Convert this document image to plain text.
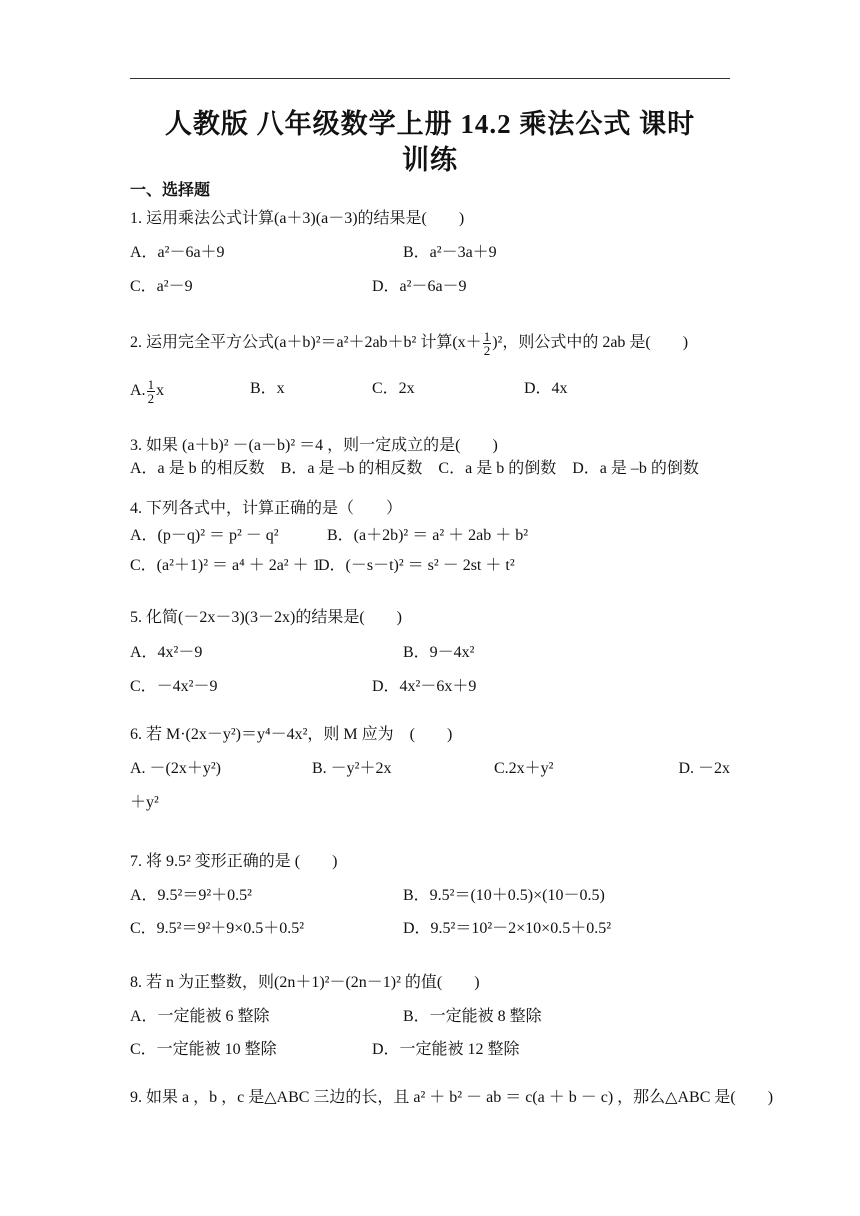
人教版 八年级数学上册 14.2 乘法公式 课时
训练
一、选择题
1. 运用乘法公式计算(a＋3)(a－3)的结果是(　　)
A．a²－6a＋9	B．a²－3a＋9
C．a²－9	D．a²－6a－9
2. 运用完全平方公式(a＋b)²＝a²＋2ab＋b² 计算$(x+ \frac{1}{2} )^2$，则公式中的 2ab 是(　　)
A. $\frac{1}{2}$ x	B．x	C．2x	D．4x
3. 如果 (a＋b)² －(a－b)² ＝4 ，则一定成立的是(　　)
A．a 是 b 的相反数　B．a 是 –b 的相反数　C．a 是 b 的倒数　D．a 是 –b 的倒数
4. 下列各式中，计算正确的是（　　）
A．(p－q)² ＝ p² － q²	B．(a＋2b)² ＝ a² ＋ 2ab ＋ b²
C．(a²＋1)² ＝ a⁴ ＋ 2a² ＋ 1
D．(－s－t)² ＝ s² － 2st ＋ t²
5. 化简(－2x－3)(3－2x)的结果是(　　)
A．4x²－9	B．9－4x²
C．－4x²－9	D．4x²－6x＋9
6. 若 M·(2x－y²)＝y⁴－4x²，则 M 应为　(　　)
A. －(2x＋y²)	B. －y²＋2x	C.2x＋y²	D. －2x
＋y²
7. 将 9.5² 变形正确的是 (　　)
A．9.5²＝9²＋0.5²	B．9.5²＝(10＋0.5)×(10－0.5)
C．9.5²＝9²＋9×0.5＋0.5²	D．9.5²＝10²－2×10×0.5＋0.5²
8. 若 n 为正整数，则(2n＋1)²－(2n－1)² 的值(　　)
A．一定能被 6 整除	B．一定能被 8 整除
C．一定能被 10 整除	D．一定能被 12 整除
9. 如果 a ，b ，c 是△ABC 三边的长，且 a² ＋ b² － ab ＝ c(a ＋ b － c) ，那么△ABC 是(　　)
